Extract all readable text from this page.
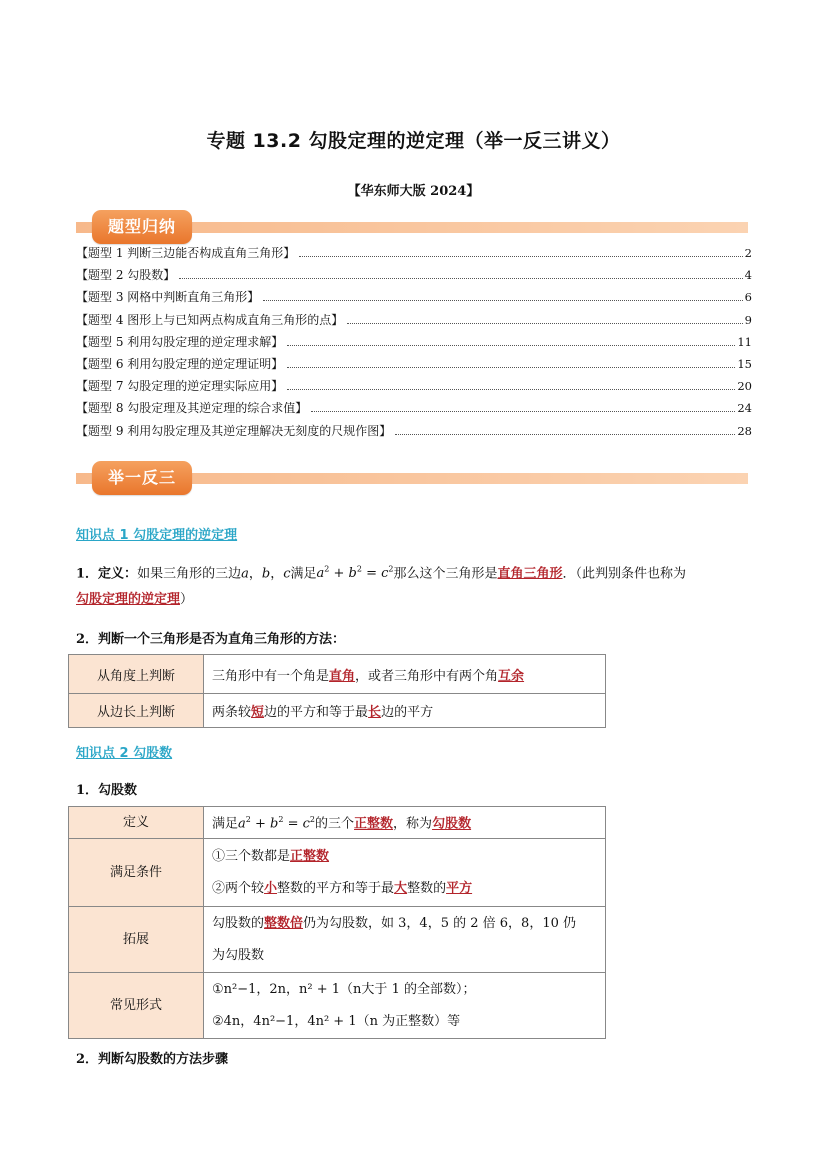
专题 13.2 勾股定理的逆定理（举一反三讲义）
【华东师大版 2024】
题型归纳
【题型 1 判断三边能否构成直角三角形】	2
【题型 2 勾股数】	4
【题型 3 网格中判断直角三角形】	6
【题型 4 图形上与已知两点构成直角三角形的点】	9
【题型 5 利用勾股定理的逆定理求解】	11
【题型 6 利用勾股定理的逆定理证明】	15
【题型 7 勾股定理的逆定理实际应用】	20
【题型 8 勾股定理及其逆定理的综合求值】	24
【题型 9 利用勾股定理及其逆定理解决无刻度的尺规作图】	28
举一反三
知识点 1 勾股定理的逆定理
1．定义：如果三角形的三边a，b，c满足$a^2 + b^2 = c^2$那么这个三角形是直角三角形．（此判别条件也称为
勾股定理的逆定理）
2．判断一个三角形是否为直角三角形的方法：
从角度上判断	三角形中有一个角是直角，或者三角形中有两个角互余
从边长上判断	两条较短边的平方和等于最长边的平方
知识点 2 勾股数
1．勾股数
定义	满足$a^2 + b^2 = c^2$的三个正整数，称为勾股数
满足条件	①三个数都是正整数
②两个较小整数的平方和等于最大整数的平方

拓展	勾股数的整数倍仍为勾股数，如 3，4，5 的 2 倍 6，8，10 仍
为勾股数
常见形式	①n²−1，2n，n² + 1（n大于 1 的全部数）；
②4n，4n²−1，4n² + 1（n 为正整数）等
2．判断勾股数的方法步骤
